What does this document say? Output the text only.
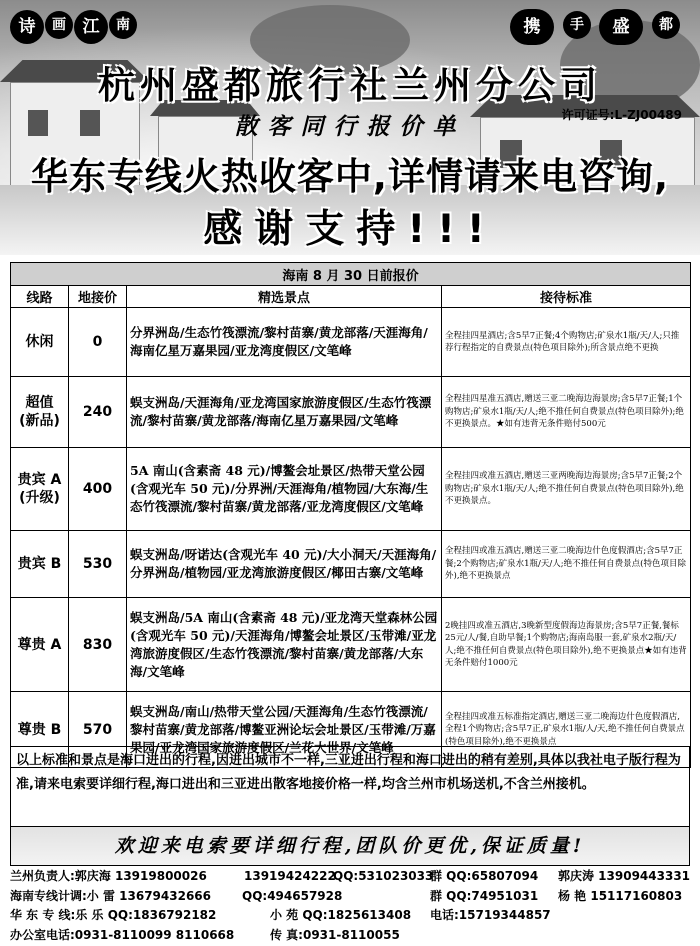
诗 画 江 南	携 手 盛 都
杭州盛都旅行社兰州分公司
散客同行报价单	许可证号:L-ZJ00489
华东专线火热收客中,详情请来电咨询,
感谢支持!!!
海南 8 月 30 日前报价			
线路	地接价	精选景点	接待标准
休闲	0	分界洲岛/生态竹筏漂流/黎村苗寨/黄龙部落/天涯海角/海南亿星万嘉果园/亚龙湾度假区/文笔峰	全程挂四星酒店;含5早7正餐;4个购物店;矿泉水1瓶/天/人;只推荐行程指定的自费景点(特色项目除外);所含景点绝不更换
超值
(新品)	240	蜈支洲岛/天涯海角/亚龙湾国家旅游度假区/生态竹筏漂流/黎村苗寨/黄龙部落/海南亿星万嘉果园/文笔峰	全程挂四星准五酒店,赠送三亚二晚海边海景房;含5早7正餐;1个购物店;矿泉水1瓶/天/人;绝不推任何自费景点(特色项目除外);绝不更换景点。★如有违背无条件赔付500元
贵宾 A
(升级)	400	5A 南山(含素斋 48 元)/博鳌会址景区/热带天堂公园(含观光车 50 元)/分界洲/天涯海角/植物园/大东海/生态竹筏漂流/黎村苗寨/黄龙部落/亚龙湾度假区/文笔峰	全程挂四或准五酒店,赠送三亚两晚海边海景房;含5早7正餐;2个购物店;矿泉水1瓶/天/人;绝不推任何自费景点(特色项目除外),绝不更换景点。
贵宾 B	530	蜈支洲岛/呀诺达(含观光车 40 元)/大小洞天/天涯海角/分界洲岛/植物园/亚龙湾旅游度假区/椰田古寨/文笔峰	全程挂四或准五酒店,赠送三亚二晚海边什色度假酒店;含5早7正餐;2个购物店;矿泉水1瓶/天/人;绝不推任何自费景点(特色项目除外),绝不更换景点
尊贵 A	830	蜈支洲岛/5A 南山(含素斋 48 元)/亚龙湾天堂森林公园(含观光车 50 元)/天涯海角/博鳌会址景区/玉带滩/亚龙湾旅游度假区/生态竹筏漂流/黎村苗寨/黄龙部落/大东海/文笔峰	2晚挂四或准五酒店,3晚新型度假海边海景房;含5早7正餐,餐标25元/人/餐,自助早餐;1个购物店;海南岛服一套,矿泉水2瓶/天/人;绝不推任何自费景点(特色项目除外),绝不更换景点★如有违背无条件赔付1000元
尊贵 B	570	蜈支洲岛/南山/热带天堂公园/天涯海角/生态竹筏漂流/黎村苗寨/黄龙部落/博鳌亚洲论坛会址景区/玉带滩/万嘉果园/亚龙湾国家旅游度假区/兰花大世界/文笔峰	全程挂四或准五标准指定酒店,赠送三亚二晚海边什色度假酒店,全程1个购物店;含5早7正,矿泉水1瓶/人/天,绝不推任何自费景点(特色项目除外),绝不更换景点
以上标准和景点是海口进出的行程,因进出城市不一样,三亚进出行程和海口进出的稍有差别,具体以我社电子版行程为准,请来电索要详细行程,海口进出和三亚进出散客地接价格一样,均含兰州市机场送机,不含兰州接机。
欢迎来电索要详细行程,团队价更优,保证质量!
兰州负责人:郭庆海 13919800026	13919424222
QQ:531023033
群 QQ:65807094 郭庆涛 13909443331
海南专线计调:小 雷 13679432666	QQ:494657928	群 QQ:74951031 杨 艳 15117160803
华 东 专 线:乐 乐 QQ:1836792182	小 苑 QQ:1825613408 电话:15719344857
办公室电话:0931-8110099 8110668	传 真:0931-8110055
